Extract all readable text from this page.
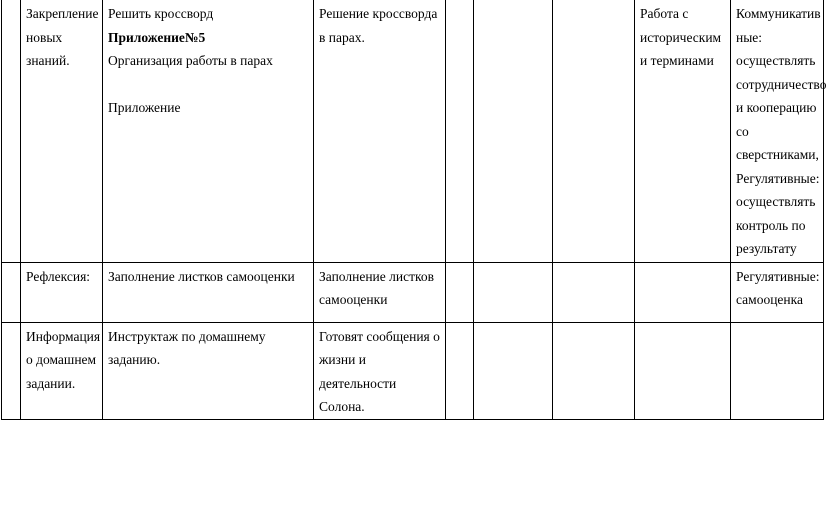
	Закрепление новых знаний.	Решить кроссворд
Приложение№5
Организация работы в парах
Приложение	Решение кроссворда в парах.				Работа с историческим и терминами	Коммуникатив ные: осуществлять сотрудничество и кооперацию со сверстниками, Регулятивные: осуществлять контроль по результату
	Рефлексия:	Заполнение листков самооценки	Заполнение листков самооценки					Регулятивные: самооценка
	Информация о домашнем задании.	Инструктаж по домашнему заданию.	Готовят сообщения о жизни и деятельности Солона.					
